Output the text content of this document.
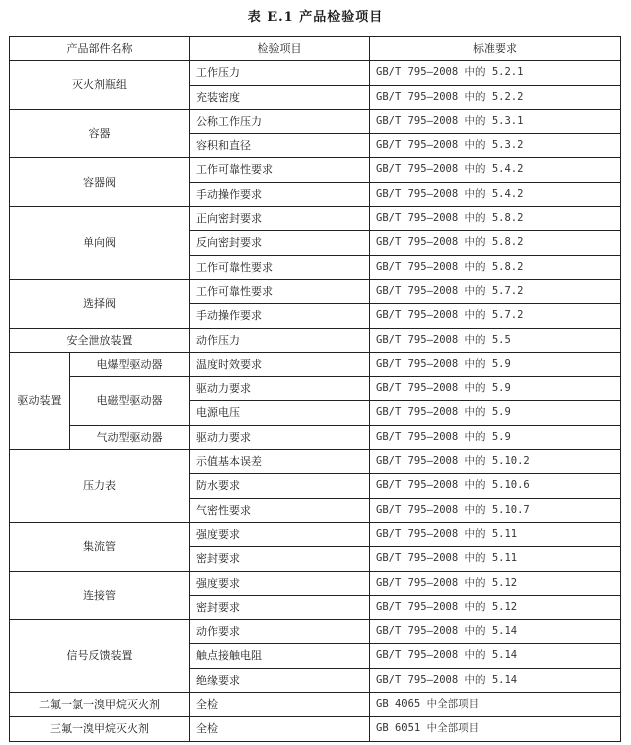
表 E.1 产品检验项目
产品部件名称		检验项目	标准要求
灭火剂瓶组		工作压力	GB/T 795—2008 中的 5.2.1
		充装密度	GB/T 795—2008 中的 5.2.2
容器		公称工作压力	GB/T 795—2008 中的 5.3.1
		容积和直径	GB/T 795—2008 中的 5.3.2
容器阀		工作可靠性要求	GB/T 795—2008 中的 5.4.2
		手动操作要求	GB/T 795—2008 中的 5.4.2
单向阀		正向密封要求	GB/T 795—2008 中的 5.8.2
		反向密封要求	GB/T 795—2008 中的 5.8.2
		工作可靠性要求	GB/T 795—2008 中的 5.8.2
选择阀		工作可靠性要求	GB/T 795—2008 中的 5.7.2
		手动操作要求	GB/T 795—2008 中的 5.7.2
安全泄放装置		动作压力	GB/T 795—2008 中的 5.5
驱动装置	电爆型驱动器	温度时效要求	GB/T 795—2008 中的 5.9
	电磁型驱动器	驱动力要求	GB/T 795—2008 中的 5.9
		电源电压	GB/T 795—2008 中的 5.9
	气动型驱动器	驱动力要求	GB/T 795—2008 中的 5.9
压力表		示值基本误差	GB/T 795—2008 中的 5.10.2
		防水要求	GB/T 795—2008 中的 5.10.6
		气密性要求	GB/T 795—2008 中的 5.10.7
集流管		强度要求	GB/T 795—2008 中的 5.11
		密封要求	GB/T 795—2008 中的 5.11
连接管		强度要求	GB/T 795—2008 中的 5.12
		密封要求	GB/T 795—2008 中的 5.12
信号反馈装置		动作要求	GB/T 795—2008 中的 5.14
		触点接触电阻	GB/T 795—2008 中的 5.14
		绝缘要求	GB/T 795—2008 中的 5.14
二氟一氯一溴甲烷灭火剂		全检	GB 4065 中全部项目
三氟一溴甲烷灭火剂		全检	GB 6051 中全部项目
